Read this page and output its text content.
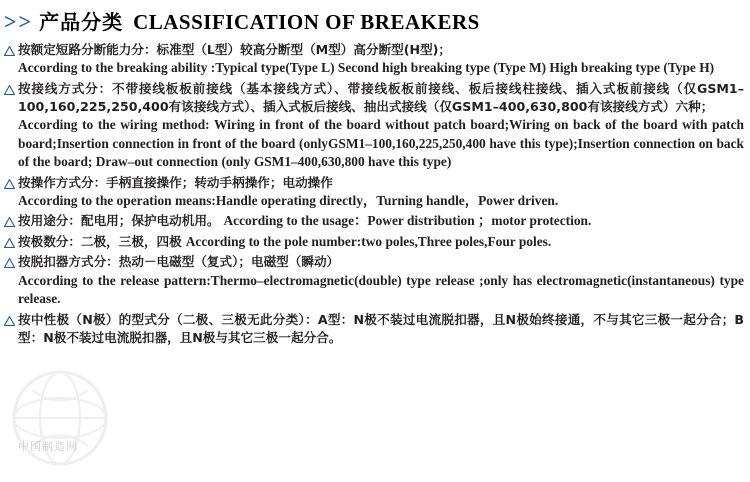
中国制造网
>> 产品分类 CLASSIFICATION OF BREAKERS
按额定短路分断能力分：标准型（L型）较高分断型（M型）高分断型(H型)；
According to the breaking ability :Typical type(Type L) Second high breaking type (Type M) High breaking type (Type H)
按接线方式分：不带接线板板前接线（基本接线方式）、带接线板板前接线、板后接线柱接线、插入式板前接线（仅GSM1–100,160,225,250,400有该接线方式）、插入式板后接线、抽出式接线（仅GSM1–400,630,800有该接线方式）六种；
According to the wiring method: Wiring in front of the board without patch board;Wiring on back of the board with patch board;Insertion connection in front of the board (onlyGSM1–100,160,225,250,400 have this type);Insertion connection on back of the board; Draw–out connection (only GSM1–400,630,800 have this type)
按操作方式分：手柄直接操作；转动手柄操作；电动操作
According to the operation means:Handle operating directly，Turning handle，Power driven.
按用途分：配电用；保护电动机用。 According to the usage：Power distribution ；motor protection.
按极数分：二极，三极，四极 According to the pole number:two poles,Three poles,Four poles.
按脱扣器方式分：热动－电磁型（复式）；电磁型（瞬动）
According to the release pattern:Thermo–electromagnetic(double) type release ;only has electromagnetic(instantaneous) type release.
按中性极（N极）的型式分（二极、三极无此分类）：A型：N极不装过电流脱扣器，且N极始终接通，不与其它三极一起分合；B型：N极不装过电流脱扣器，且N极与其它三极一起分合。
